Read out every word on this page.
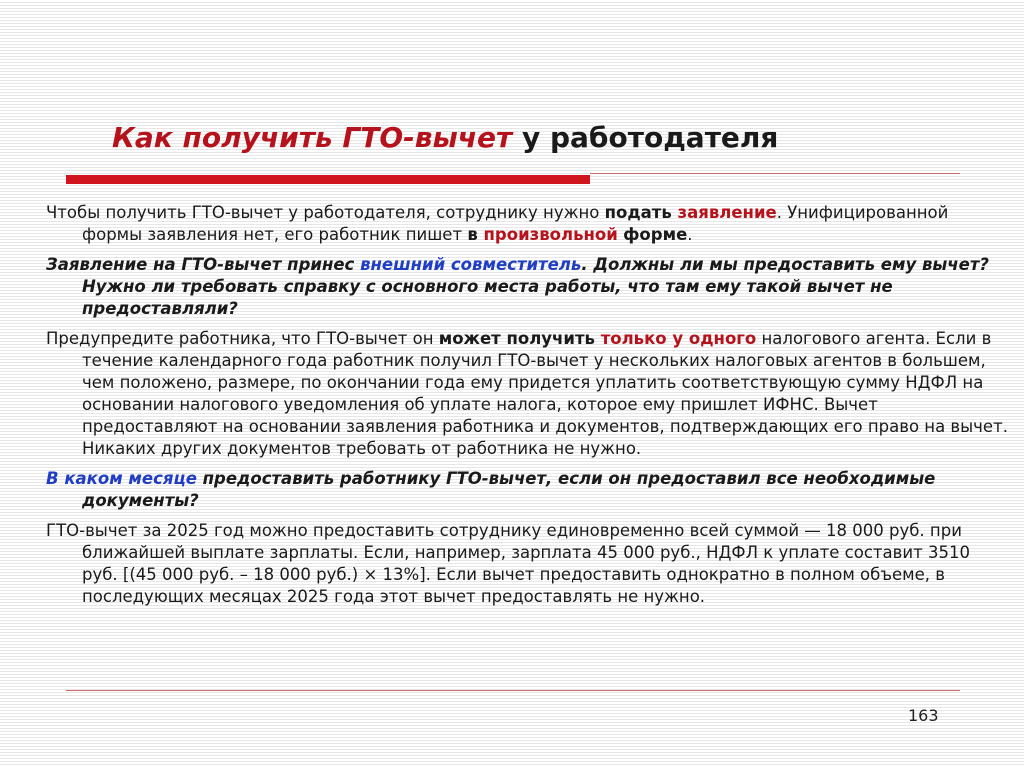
Как получить ГТО-вычет у работодателя
Чтобы получить ГТО-вычет у работодателя, сотруднику нужно подать заявление. Унифицированной формы заявления нет, его работник пишет в произвольной форме.
Заявление на ГТО-вычет принес внешний совместитель. Должны ли мы предоставить ему вычет? Нужно ли требовать справку с основного места работы, что там ему такой вычет не предоставляли?
Предупредите работника, что ГТО-вычет он может получить только у одного налогового агента. Если в течение календарного года работник получил ГТО-вычет у нескольких налоговых агентов в большем, чем положено, размере, по окончании года ему придется уплатить соответствующую сумму НДФЛ на основании налогового уведомления об уплате налога, которое ему пришлет ИФНС. Вычет предоставляют на основании заявления работника и документов, подтверждающих его право на вычет. Никаких других документов требовать от работника не нужно.
В каком месяце предоставить работнику ГТО-вычет, если он предоставил все необходимые документы?
ГТО-вычет за 2025 год можно предоставить сотруднику единовременно всей суммой — 18 000 руб. при ближайшей выплате зарплаты. Если, например, зарплата 45 000 руб., НДФЛ к уплате составит 3510 руб. [(45 000 руб. – 18 000 руб.) × 13%]. Если вычет предоставить однократно в полном объеме, в последующих месяцах 2025 года этот вычет предоставлять не нужно.
163
